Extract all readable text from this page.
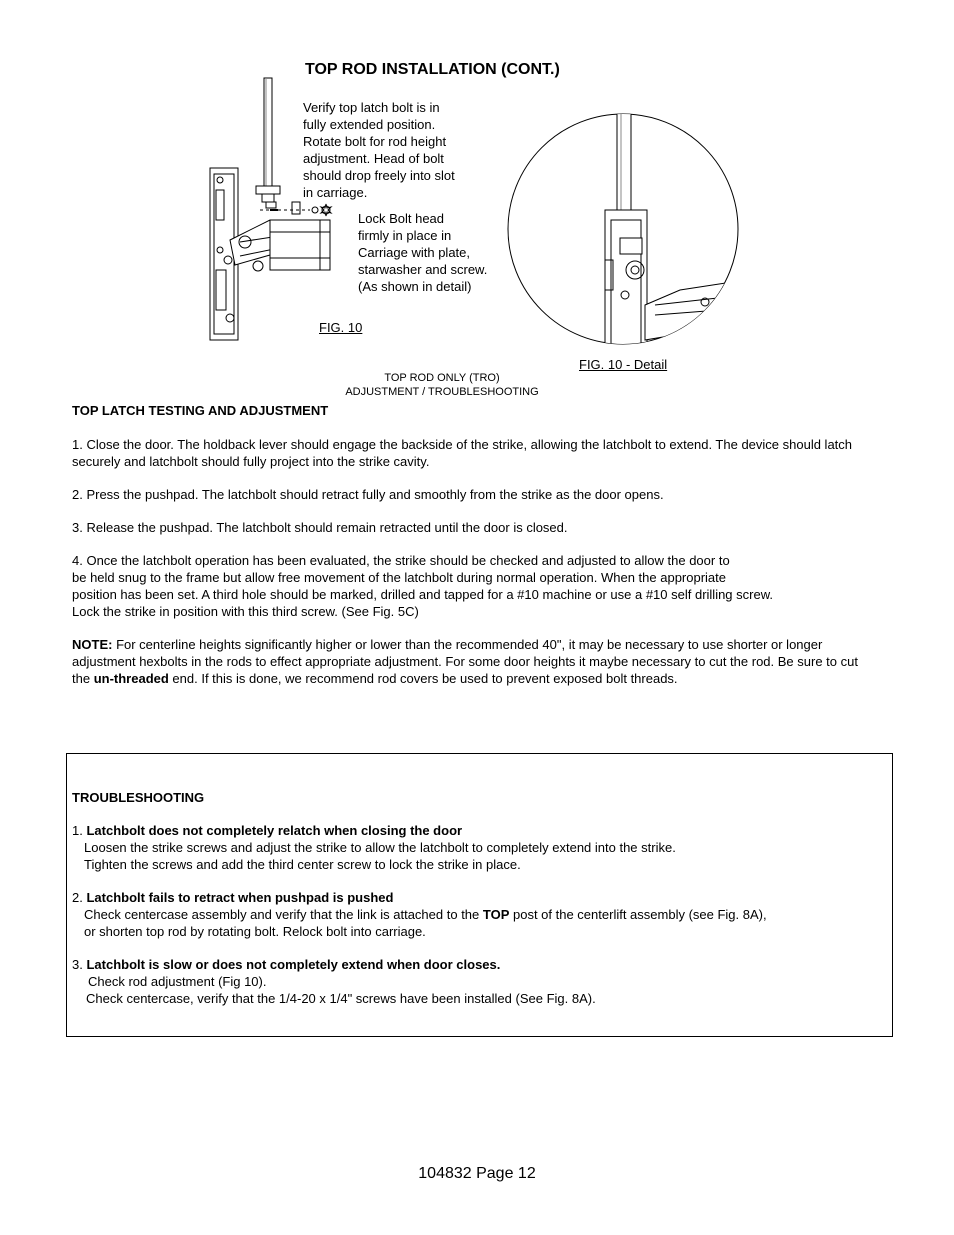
TOP ROD INSTALLATION (CONT.)
Verify top latch bolt is in
fully extended position.
Rotate bolt for rod height
adjustment. Head of bolt
should drop freely into slot
in carriage.
Lock Bolt head
firmly in place in
Carriage with plate,
starwasher and screw.
(As shown in detail)
FIG. 10
FIG. 10 - Detail
TOP ROD ONLY (TRO)
ADJUSTMENT / TROUBLESHOOTING
TOP LATCH TESTING AND ADJUSTMENT

1. Close the door. The holdback lever should engage the backside of the strike, allowing the latchbolt to extend. The device should latch securely and latchbolt should fully project into the strike cavity.

2. Press the pushpad. The latchbolt should retract fully and smoothly from the strike as the door opens.

3. Release the pushpad. The latchbolt should remain retracted until the door is closed.

4. Once the latchbolt operation has been evaluated, the strike should be checked and adjusted to allow the door to
be held snug to the frame but allow free movement of the latchbolt during normal operation. When the appropriate
position has been set. A third hole should be marked, drilled and tapped for a #10 machine or use a #10 self drilling screw.
Lock the strike in position with this third screw. (See Fig. 5C)

NOTE: For centerline heights significantly higher or lower than the recommended 40", it may be necessary to use shorter or longer adjustment hexbolts in the rods to effect appropriate adjustment. For some door heights it maybe necessary to cut the rod. Be sure to cut the un-threaded end. If this is done, we recommend rod covers be used to prevent exposed bolt threads.

TROUBLESHOOTING
1. Latchbolt does not completely relatch when closing the door
Loosen the strike screws and adjust the strike to allow the latchbolt to completely extend into the strike.
Tighten the screws and add the third center screw to lock the strike in place.
2. Latchbolt fails to retract when pushpad is pushed
Check centercase assembly and verify that the link is attached to the TOP post of the centerlift assembly (see Fig. 8A),
or shorten top rod by rotating bolt. Relock bolt into carriage.
3. Latchbolt is slow or does not completely extend when door closes.
Check rod adjustment (Fig 10).
Check centercase, verify that the 1/4-20 x 1/4" screws have been installed (See Fig. 8A).
104832 Page 12
